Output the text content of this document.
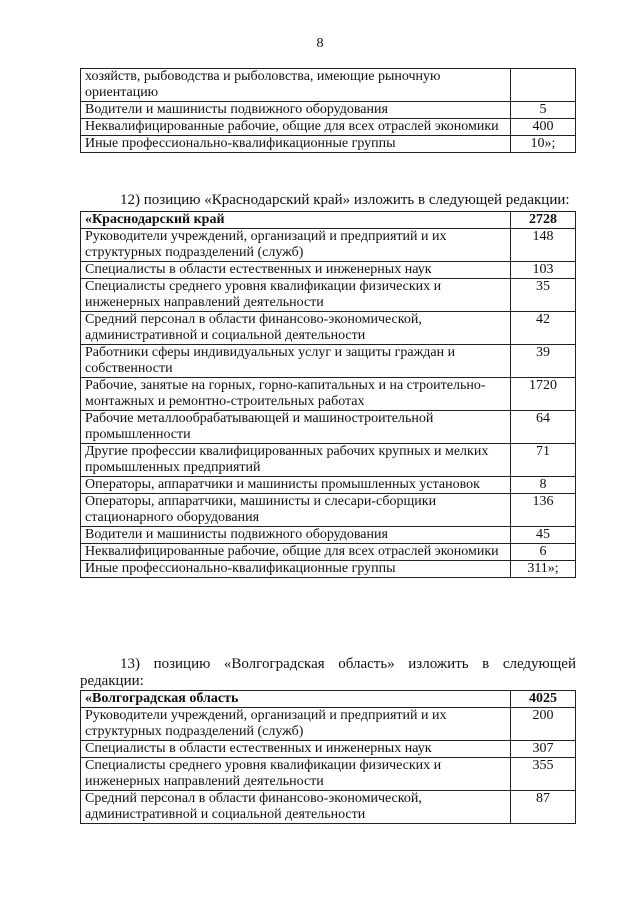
8
хозяйств, рыбоводства и рыболовства, имеющие рыночную ориентацию	
Водители и машинисты подвижного оборудования	5
Неквалифицированные рабочие, общие для всех отраслей экономики	400
Иные профессионально-квалификационные группы	10»;

12) позицию «Краснодарский край» изложить в следующей редакции:

«Краснодарский край	2728
Руководители учреждений, организаций и предприятий и их структурных подразделений (служб)	148
Специалисты в области естественных и инженерных наук	103
Специалисты среднего уровня квалификации физических и инженерных направлений деятельности	35
Средний персонал в области финансово-экономической, административной и социальной деятельности	42
Работники сферы индивидуальных услуг и защиты граждан и собственности	39
Рабочие, занятые на горных, горно-капитальных и на строительно-монтажных и ремонтно-строительных работах	1720
Рабочие металлообрабатывающей и машиностроительной промышленности	64
Другие профессии квалифицированных рабочих крупных и мелких промышленных предприятий	71
Операторы, аппаратчики и машинисты промышленных установок	8
Операторы, аппаратчики, машинисты и слесари-сборщики стационарного оборудования	136
Водители и машинисты подвижного оборудования	45
Неквалифицированные рабочие, общие для всех отраслей экономики	6
Иные профессионально-квалификационные группы	311»;

13) позицию «Волгоградская область» изложить в следующей

редакции:

«Волгоградская область	4025
Руководители учреждений, организаций и предприятий и их структурных подразделений (служб)	200
Специалисты в области естественных и инженерных наук	307
Специалисты среднего уровня квалификации физических и инженерных направлений деятельности	355
Средний персонал в области финансово-экономической, административной и социальной деятельности	87
